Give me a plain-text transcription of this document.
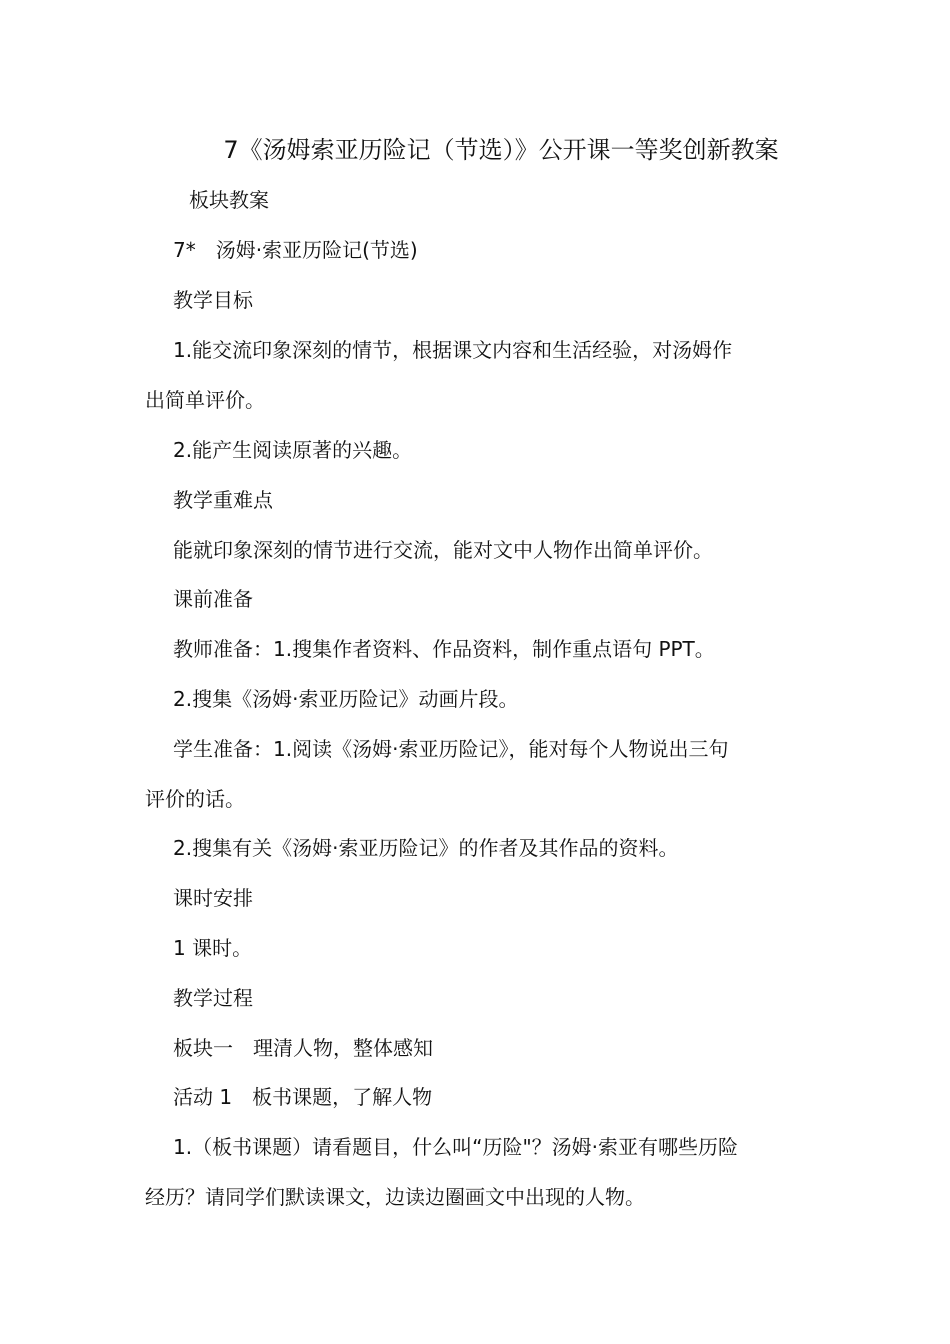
7《汤姆索亚历险记（节选）》公开课一等奖创新教案

板块教案

7*　汤姆·索亚历险记(节选)

教学目标

1.能交流印象深刻的情节，根据课文内容和生活经验，对汤姆作

出简单评价。

2.能产生阅读原著的兴趣。

教学重难点

能就印象深刻的情节进行交流，能对文中人物作出简单评价。

课前准备

教师准备：1.搜集作者资料、作品资料，制作重点语句 PPT。

2.搜集《汤姆·索亚历险记》动画片段。

学生准备：1.阅读《汤姆·索亚历险记》，能对每个人物说出三句

评价的话。

2.搜集有关《汤姆·索亚历险记》的作者及其作品的资料。

课时安排

1 课时。

教学过程

板块一　理清人物，整体感知

活动 1　板书课题，了解人物

1.（板书课题）请看题目，什么叫“历险"？汤姆·索亚有哪些历险

经历？请同学们默读课文，边读边圈画文中出现的人物。
